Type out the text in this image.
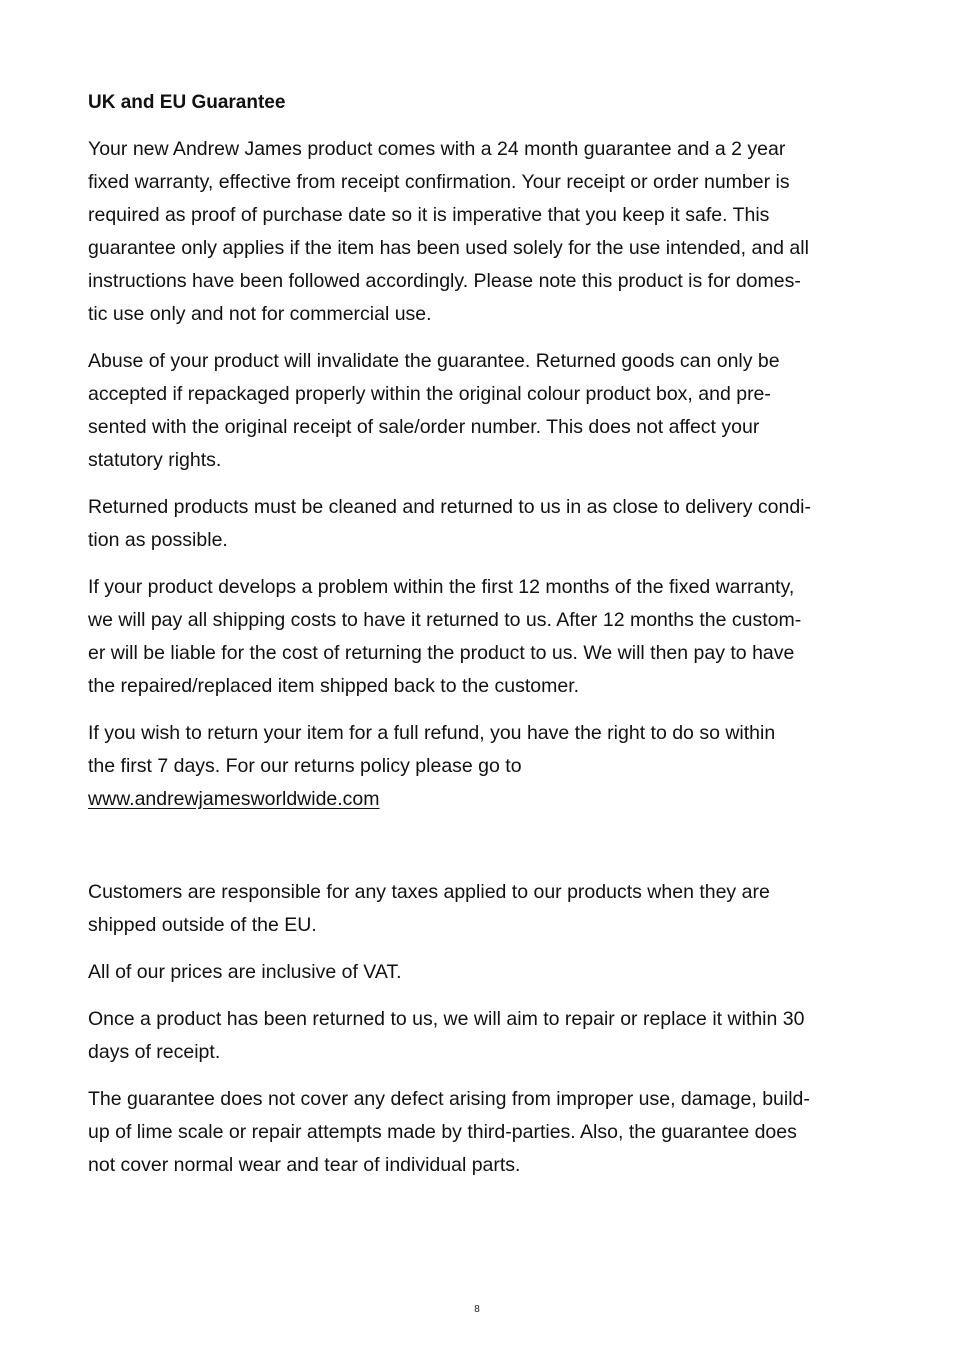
UK and EU Guarantee

Your new Andrew James product comes with a 24 month guarantee and a 2 year
fixed warranty, effective from receipt confirmation. Your receipt or order number is
required as proof of purchase date so it is imperative that you keep it safe. This
guarantee only applies if the item has been used solely for the use intended, and all
instructions have been followed accordingly. Please note this product is for domes-
tic use only and not for commercial use.

Abuse of your product will invalidate the guarantee. Returned goods can only be
accepted if repackaged properly within the original colour product box, and pre-
sented with the original receipt of sale/order number. This does not affect your
statutory rights.

Returned products must be cleaned and returned to us in as close to delivery condi-
tion as possible.

If your product develops a problem within the first 12 months of the fixed warranty,
we will pay all shipping costs to have it returned to us. After 12 months the custom-
er will be liable for the cost of returning the product to us. We will then pay to have
the repaired/replaced item shipped back to the customer.

If you wish to return your item for a full refund, you have the right to do so within
the first 7 days. For our returns policy please go to
www.andrewjamesworldwide.com

Customers are responsible for any taxes applied to our products when they are
shipped outside of the EU.

All of our prices are inclusive of VAT.

Once a product has been returned to us, we will aim to repair or replace it within 30
days of receipt.

The guarantee does not cover any defect arising from improper use, damage, build-
up of lime scale or repair attempts made by third-parties. Also, the guarantee does
not cover normal wear and tear of individual parts.

8
